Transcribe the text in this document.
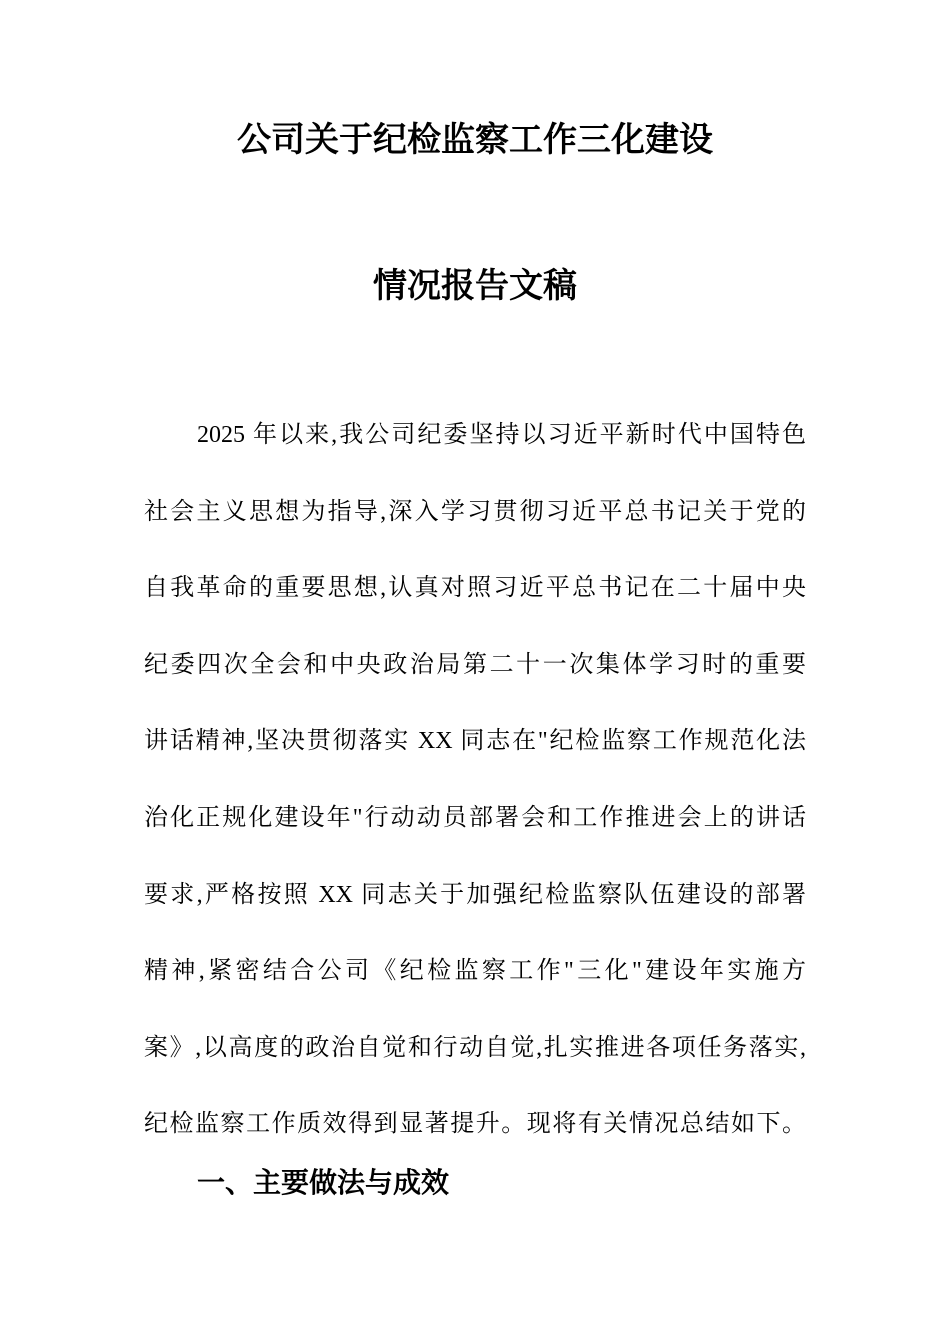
公司关于纪检监察工作三化建设
情况报告文稿
2025 年以来,我公司纪委坚持以习近平新时代中国特色
社会主义思想为指导,深入学习贯彻习近平总书记关于党的
自我革命的重要思想,认真对照习近平总书记在二十届中央
纪委四次全会和中央政治局第二十一次集体学习时的重要
讲话精神,坚决贯彻落实 XX 同志在"纪检监察工作规范化法
治化正规化建设年"行动动员部署会和工作推进会上的讲话
要求,严格按照 XX 同志关于加强纪检监察队伍建设的部署
精神,紧密结合公司《纪检监察工作"三化"建设年实施方
案》,以高度的政治自觉和行动自觉,扎实推进各项任务落实,
纪检监察工作质效得到显著提升。现将有关情况总结如下。
一、主要做法与成效
